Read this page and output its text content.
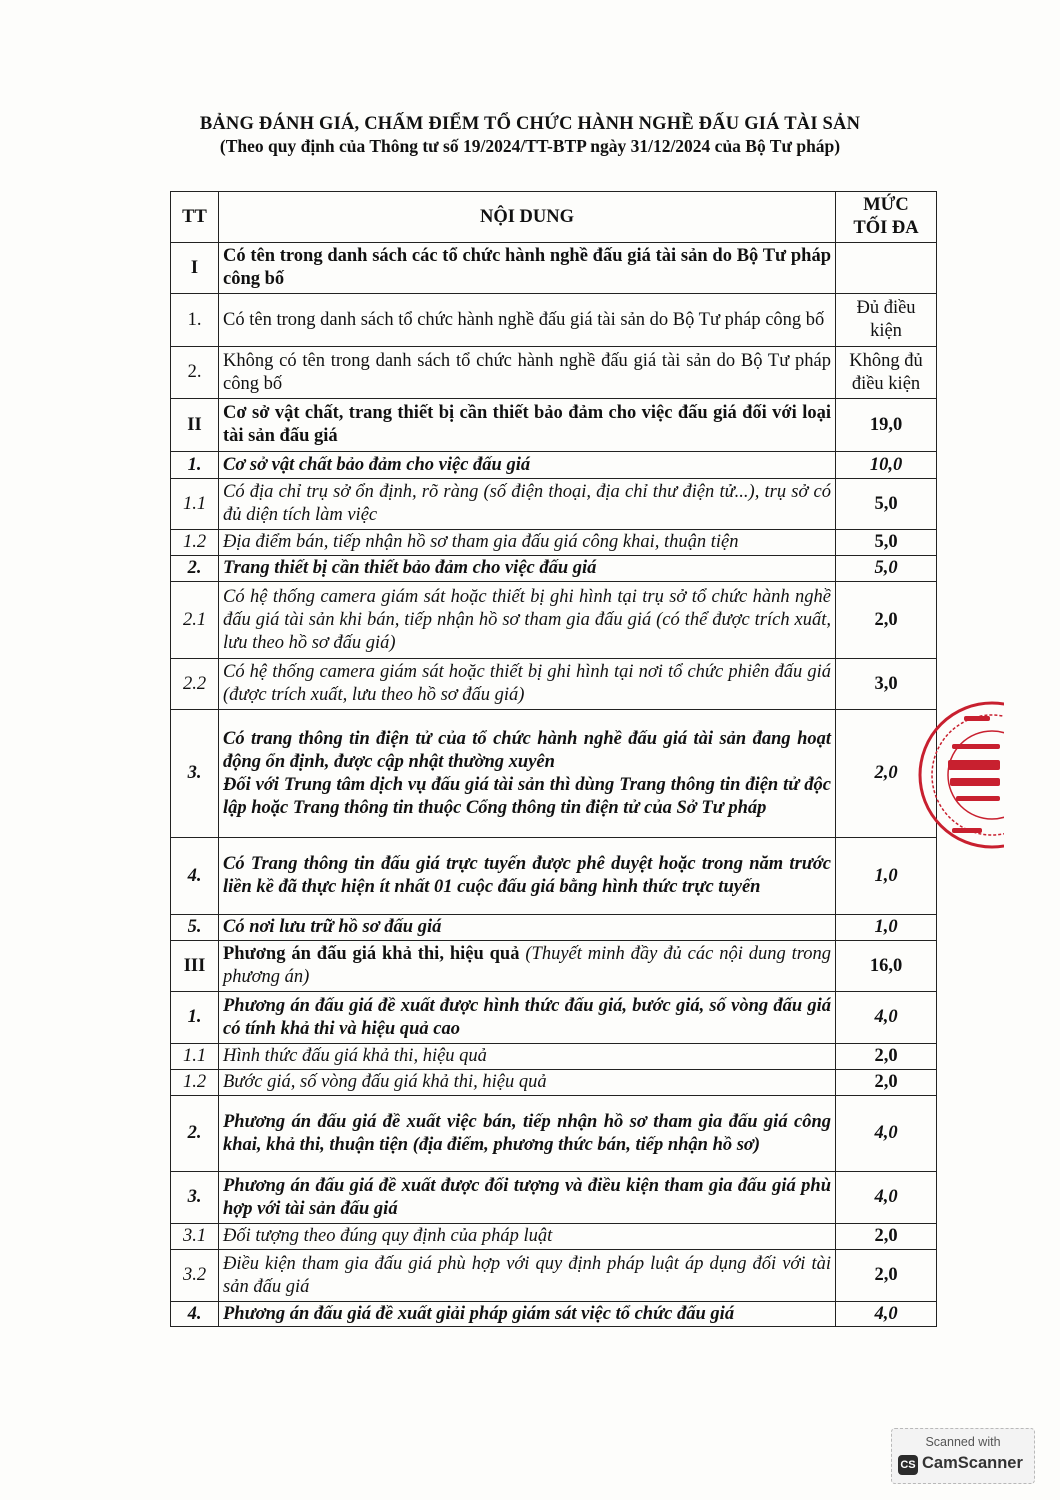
BẢNG ĐÁNH GIÁ, CHẤM ĐIỂM TỔ CHỨC HÀNH NGHỀ ĐẤU GIÁ TÀI SẢN
(Theo quy định của Thông tư số 19/2024/TT-BTP ngày 31/12/2024 của Bộ Tư pháp)
TT	NỘI DUNG	MỨC
TỐI ĐA

I	Có tên trong danh sách các tổ chức hành nghề đấu giá tài sản do Bộ Tư pháp công bố	
1.	Có tên trong danh sách tổ chức hành nghề đấu giá tài sản do Bộ Tư pháp công bố	Đủ điều kiện
2.	Không có tên trong danh sách tổ chức hành nghề đấu giá tài sản do Bộ Tư pháp công bố	Không đủ điều kiện
II	Cơ sở vật chất, trang thiết bị cần thiết bảo đảm cho việc đấu giá đối với loại tài sản đấu giá	19,0
1.	Cơ sở vật chất bảo đảm cho việc đấu giá	10,0
1.1	Có địa chỉ trụ sở ổn định, rõ ràng (số điện thoại, địa chỉ thư điện tử...), trụ sở có đủ diện tích làm việc	5,0
1.2	Địa điểm bán, tiếp nhận hồ sơ tham gia đấu giá công khai, thuận tiện	5,0
2.	Trang thiết bị cần thiết bảo đảm cho việc đấu giá	5,0
2.1	Có hệ thống camera giám sát hoặc thiết bị ghi hình tại trụ sở tổ chức hành nghề đấu giá tài sản khi bán, tiếp nhận hồ sơ tham gia đấu giá (có thể được trích xuất, lưu theo hồ sơ đấu giá)	2,0
2.2	Có hệ thống camera giám sát hoặc thiết bị ghi hình tại nơi tổ chức phiên đấu giá (được trích xuất, lưu theo hồ sơ đấu giá)	3,0
3.	Có trang thông tin điện tử của tổ chức hành nghề đấu giá tài sản đang hoạt động ổn định, được cập nhật thường xuyên
Đối với Trung tâm dịch vụ đấu giá tài sản thì dùng Trang thông tin điện tử độc lập hoặc Trang thông tin thuộc Cổng thông tin điện tử của Sở Tư pháp	2,0
4.	Có Trang thông tin đấu giá trực tuyến được phê duyệt hoặc trong năm trước liền kề đã thực hiện ít nhất 01 cuộc đấu giá bằng hình thức trực tuyến	1,0
5.	Có nơi lưu trữ hồ sơ đấu giá	1,0
III	Phương án đấu giá khả thi, hiệu quả (Thuyết minh đầy đủ các nội dung trong phương án)	16,0
1.	Phương án đấu giá đề xuất được hình thức đấu giá, bước giá, số vòng đấu giá có tính khả thi và hiệu quả cao	4,0
1.1	Hình thức đấu giá khả thi, hiệu quả	2,0
1.2	Bước giá, số vòng đấu giá khả thi, hiệu quả	2,0
2.	Phương án đấu giá đề xuất việc bán, tiếp nhận hồ sơ tham gia đấu giá công khai, khả thi, thuận tiện (địa điểm, phương thức bán, tiếp nhận hồ sơ)	4,0
3.	Phương án đấu giá đề xuất được đối tượng và điều kiện tham gia đấu giá phù hợp với tài sản đấu giá	4,0
3.1	Đối tượng theo đúng quy định của pháp luật	2,0
3.2	Điều kiện tham gia đấu giá phù hợp với quy định pháp luật áp dụng đối với tài sản đấu giá	2,0
4.	Phương án đấu giá đề xuất giải pháp giám sát việc tổ chức đấu giá	4,0
Scanned with
CS CamScanner
